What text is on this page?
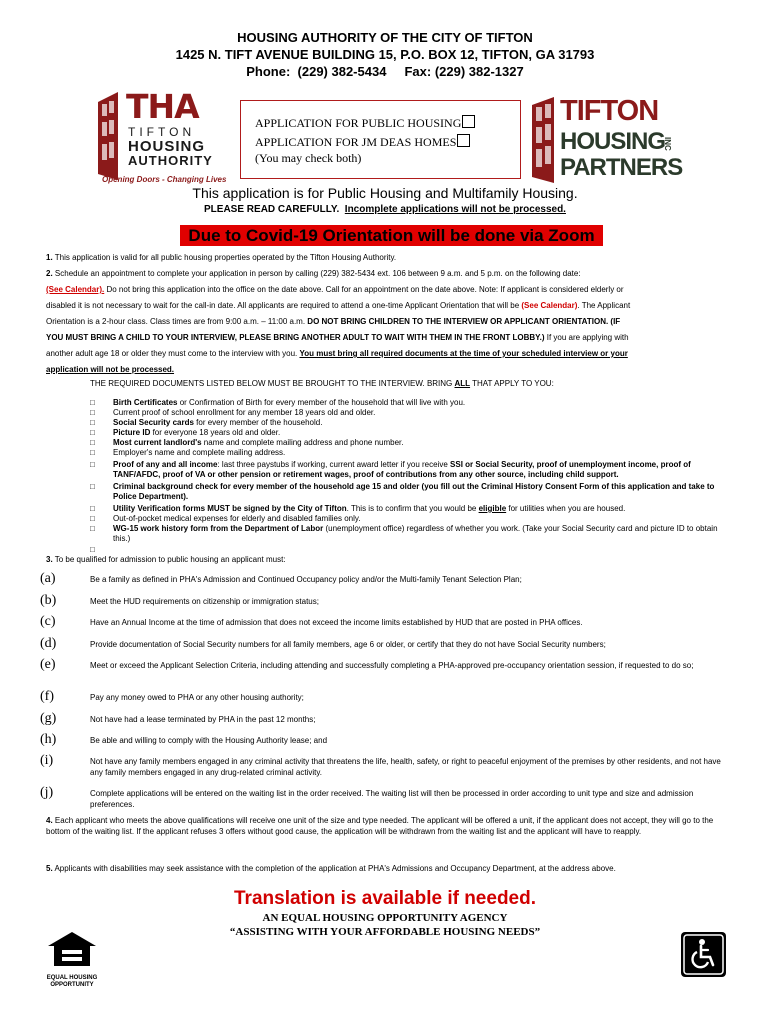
HOUSING AUTHORITY OF THE CITY OF TIFTON
1425 N. TIFT AVENUE BUILDING 15, P.O. BOX 12, TIFTON, GA 31793
Phone:  (229) 382-5434     Fax: (229) 382-1327
THA
TIFTON
HOUSING
AUTHORITY
Opening Doors - Changing Lives
APPLICATION FOR PUBLIC HOUSING
APPLICATION FOR JM DEAS HOMES
(You may check both)
TIFTON
HOUSING
PARTNERS
INC
This application is for Public Housing and Multifamily Housing.
PLEASE READ CAREFULLY. Incomplete applications will not be processed.
Due to Covid-19 Orientation will be done via Zoom
1. This application is valid for all public housing properties operated by the Tifton Housing Authority.
2. Schedule an appointment to complete your application in person by calling (229) 382-5434 ext. 106 between 9 a.m. and 5 p.m. on the following date:
(See Calendar). Do not bring this application into the office on the date above. Call for an appointment on the date above. Note: If applicant is considered elderly or
disabled it is not necessary to wait for the call-in date. All applicants are required to attend a one-time Applicant Orientation that will be (See Calendar). The Applicant
Orientation is a 2-hour class. Class times are from 9:00 a.m. – 11:00 a.m. DO NOT BRING CHILDREN TO THE INTERVIEW OR APPLICANT ORIENTATION. (IF
YOU MUST BRING A CHILD TO YOUR INTERVIEW, PLEASE BRING ANOTHER ADULT TO WAIT WITH THEM IN THE FRONT LOBBY.) If you are applying with
another adult age 18 or older they must come to the interview with you. You must bring all required documents at the time of your scheduled interview or your
application will not be processed.
THE REQUIRED DOCUMENTS LISTED BELOW MUST BE BROUGHT TO THE INTERVIEW. BRING ALL THAT APPLY TO YOU:
□ Birth Certificates or Confirmation of Birth for every member of the household that will live with you.
□ Current proof of school enrollment for any member 18 years old and older.
□ Social Security cards for every member of the household.
□ Picture ID for everyone 18 years old and older.
□ Most current landlord's name and complete mailing address and phone number.
□ Employer's name and complete mailing address.
□ Proof of any and all income: last three paystubs if working, current award letter if you receive SSI or Social Security, proof of unemployment income, proof of TANF/AFDC, proof of VA or other pension or retirement wages, proof of contributions from any other source, including child support.
□ Criminal background check for every member of the household age 15 and older (you fill out the Criminal History Consent Form of this application and take to Police Department).
□ Utility Verification forms MUST be signed by the City of Tifton. This is to confirm that you would be eligible for utilities when you are housed.
□ Out-of-pocket medical expenses for elderly and disabled families only.
□ WG-15 work history form from the Department of Labor (unemployment office) regardless of whether you work. (Take your Social Security card and picture ID to obtain this.)
□
3. To be qualified for admission to public housing an applicant must:
(a)	Be a family as defined in PHA's Admission and Continued Occupancy policy and/or the Multi-family Tenant Selection Plan;
(b)	Meet the HUD requirements on citizenship or immigration status;
(c)	Have an Annual Income at the time of admission that does not exceed the income limits established by HUD that are posted in PHA offices.
(d)	Provide documentation of Social Security numbers for all family members, age 6 or older, or certify that they do not have Social Security numbers;
(e)	Meet or exceed the Applicant Selection Criteria, including attending and successfully completing a PHA-approved pre-occupancy orientation session, if requested to do so;
(f)	Pay any money owed to PHA or any other housing authority;
(g)	Not have had a lease terminated by PHA in the past 12 months;
(h)	Be able and willing to comply with the Housing Authority lease; and
(i)	Not have any family members engaged in any criminal activity that threatens the life, health, safety, or right to peaceful enjoyment of the premises by other residents, and not have any family members engaged in any drug-related criminal activity.
(j)	Complete applications will be entered on the waiting list in the order received. The waiting list will then be processed in order according to unit type and size and admission preferences.
4. Each applicant who meets the above qualifications will receive one unit of the size and type needed. The applicant will be offered a unit, if the applicant does not accept, they will go to the bottom of the waiting list. If the applicant refuses 3 offers without good cause, the application will be withdrawn from the waiting list and the applicant will have to reapply.
5. Applicants with disabilities may seek assistance with the completion of the application at PHA's Admissions and Occupancy Department, at the address above.
Translation is available if needed.
AN EQUAL HOUSING OPPORTUNITY AGENCY
“ASSISTING WITH YOUR AFFORDABLE HOUSING NEEDS”
EQUAL HOUSING
OPPORTUNITY
